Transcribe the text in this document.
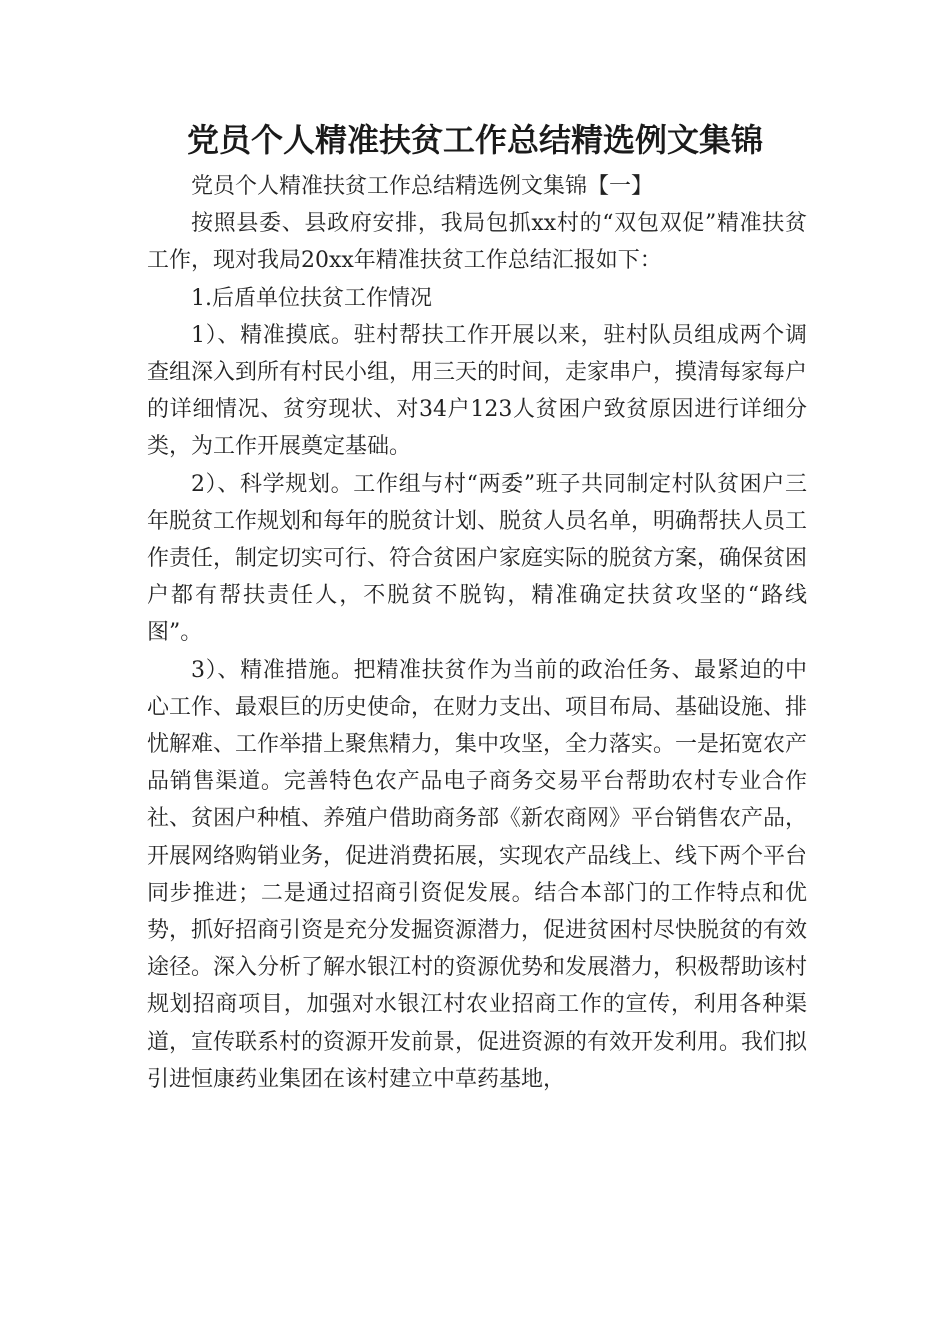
党员个人精准扶贫工作总结精选例文集锦

党员个人精准扶贫工作总结精选例文集锦【一】

按照县委、县政府安排，我局包抓xx村的“双包双促”精准扶贫工作，现对我局20xx年精准扶贫工作总结汇报如下：

1.后盾单位扶贫工作情况

1）、精准摸底。驻村帮扶工作开展以来，驻村队员组成两个调查组深入到所有村民小组，用三天的时间，走家串户，摸清每家每户的详细情况、贫穷现状、对34户123人贫困户致贫原因进行详细分类，为工作开展奠定基础。

2）、科学规划。工作组与村“两委”班子共同制定村队贫困户三年脱贫工作规划和每年的脱贫计划、脱贫人员名单，明确帮扶人员工作责任，制定切实可行、符合贫困户家庭实际的脱贫方案，确保贫困户都有帮扶责任人，不脱贫不脱钩，精准确定扶贫攻坚的“路线图”。

3）、精准措施。把精准扶贫作为当前的政治任务、最紧迫的中心工作、最艰巨的历史使命，在财力支出、项目布局、基础设施、排忧解难、工作举措上聚焦精力，集中攻坚，全力落实。一是拓宽农产品销售渠道。完善特色农产品电子商务交易平台帮助农村专业合作社、贫困户种植、养殖户借助商务部《新农商网》平台销售农产品，开展网络购销业务，促进消费拓展，实现农产品线上、线下两个平台同步推进；二是通过招商引资促发展。结合本部门的工作特点和优势，抓好招商引资是充分发掘资源潜力，促进贫困村尽快脱贫的有效途径。深入分析了解水银江村的资源优势和发展潜力，积极帮助该村规划招商项目，加强对水银江村农业招商工作的宣传，利用各种渠道，宣传联系村的资源开发前景，促进资源的有效开发利用。我们拟引进恒康药业集团在该村建立中草药基地，
